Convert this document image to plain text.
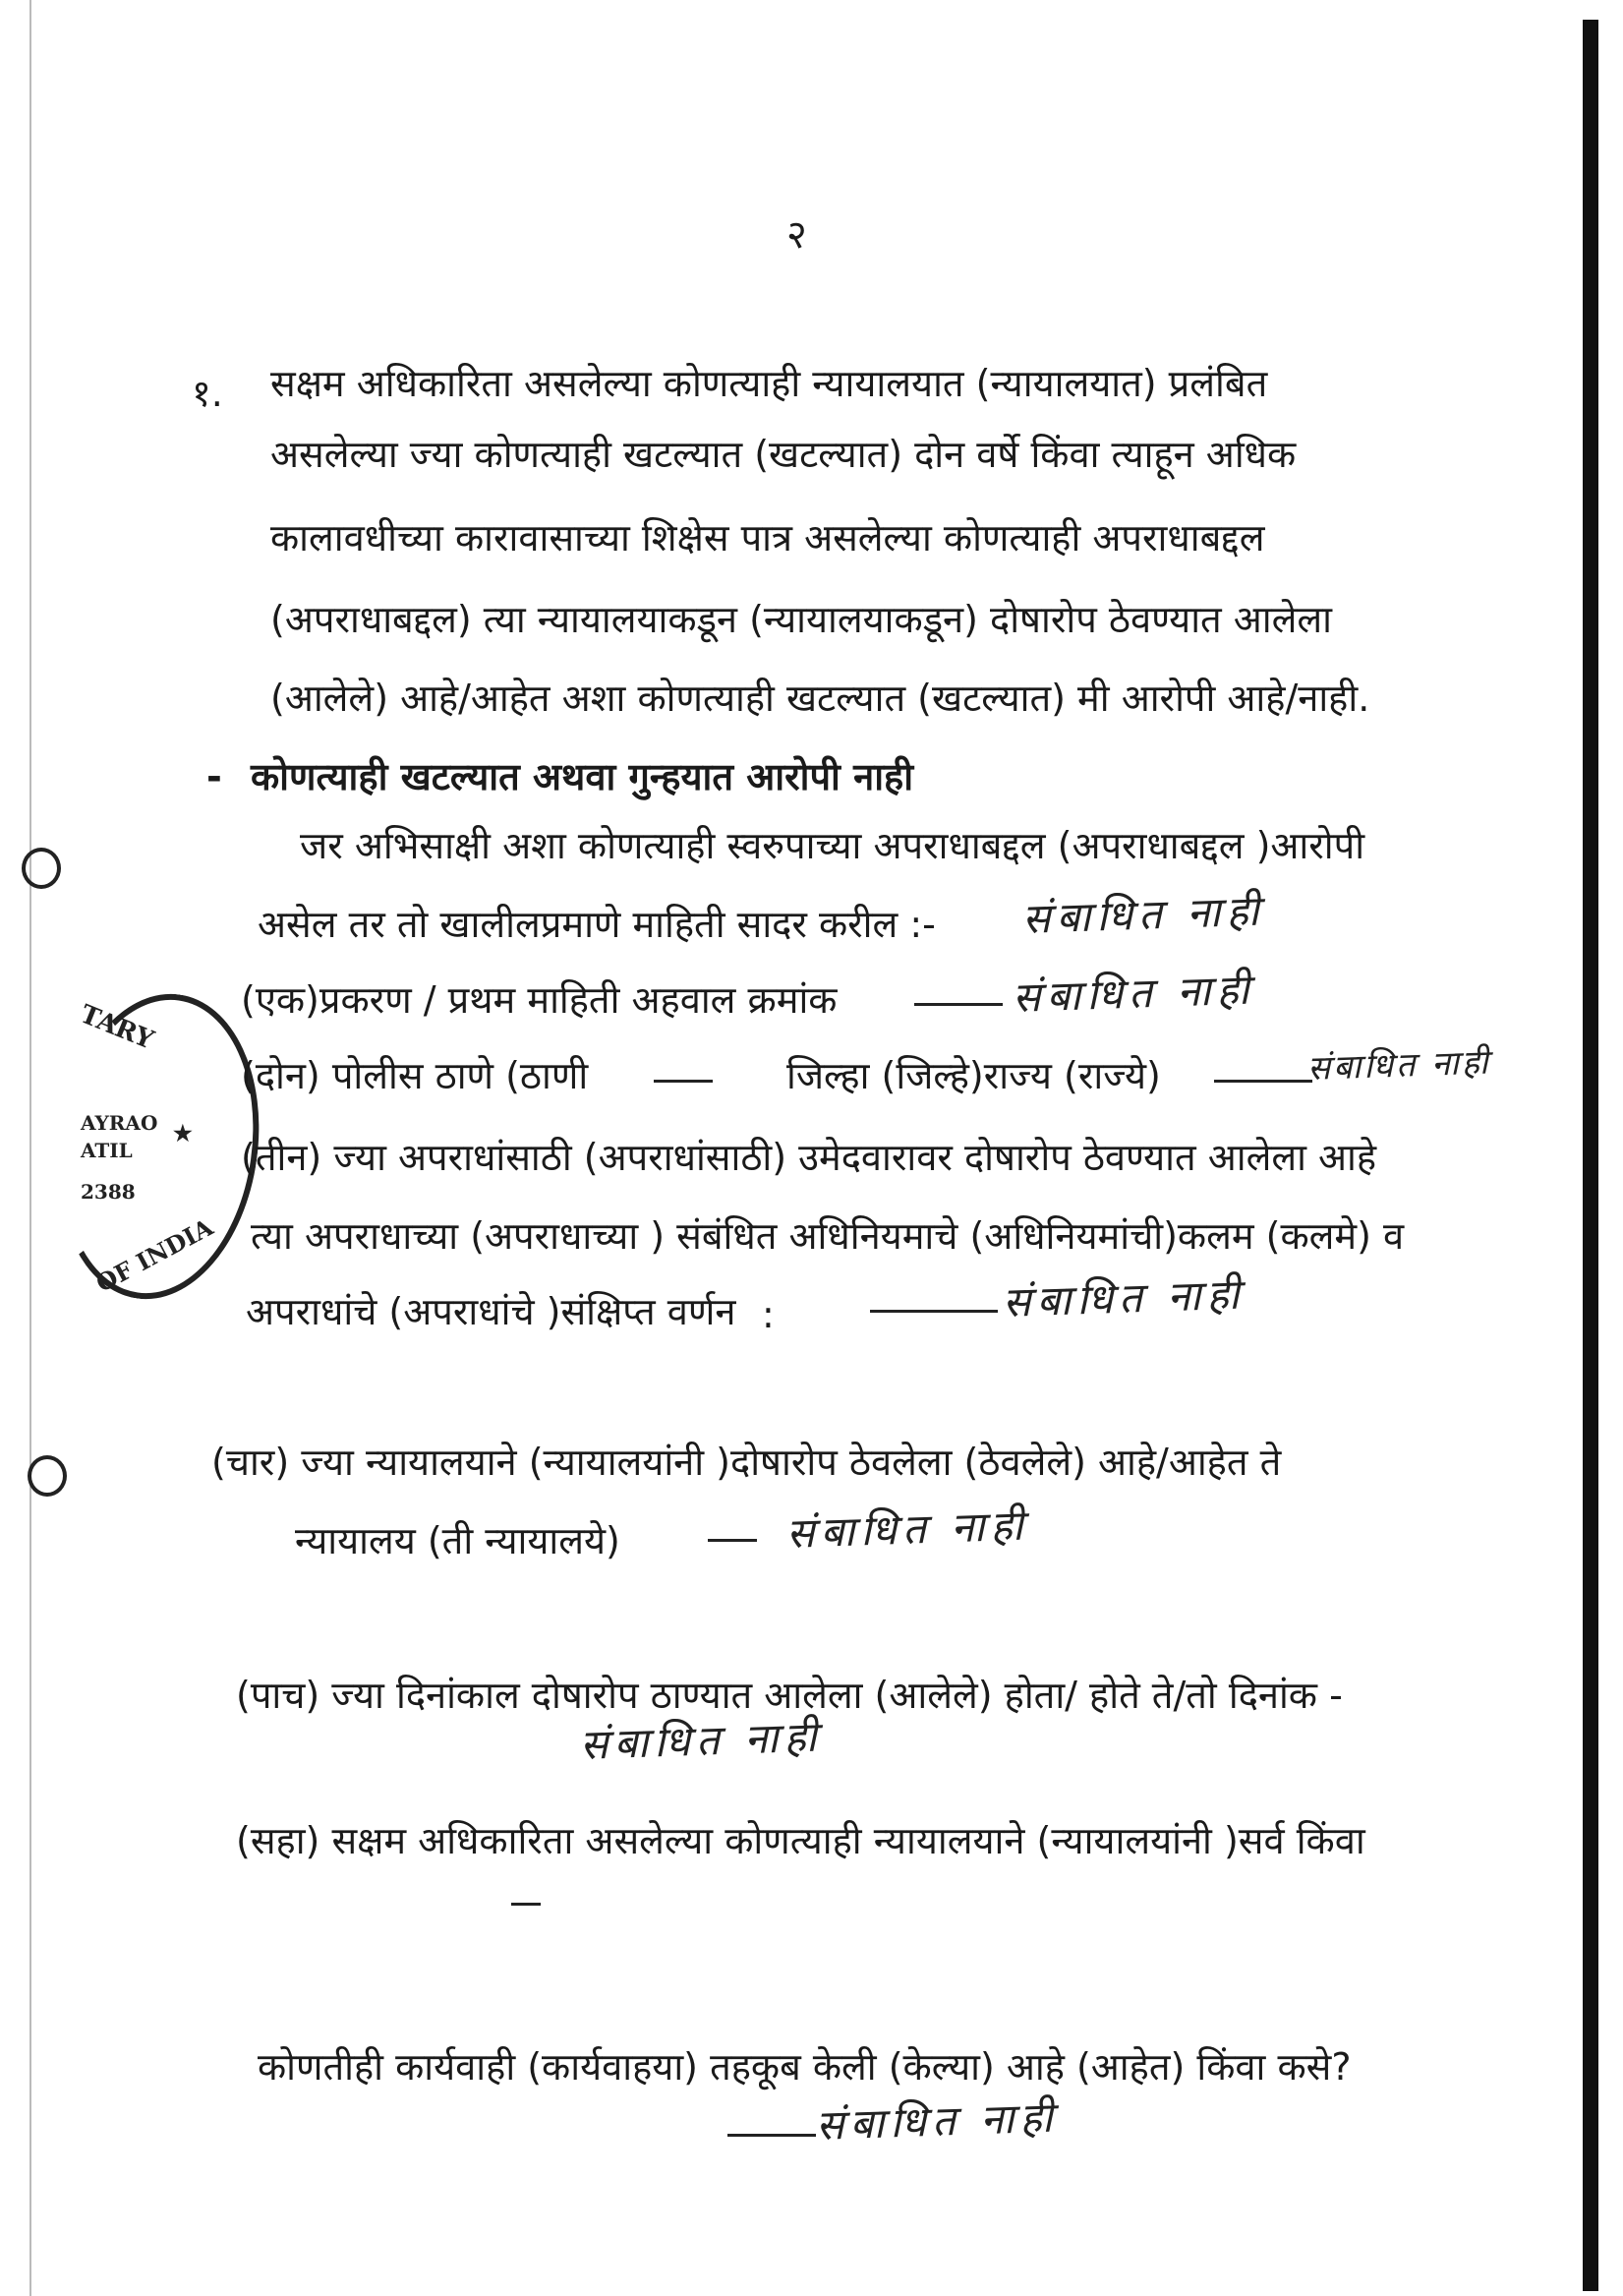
TARY
AYRAO
ATIL
★
2388
OF INDIA
२
१. सक्षम अधिकारिता असलेल्या कोणत्याही न्यायालयात (न्यायालयात) प्रलंबित
असलेल्या ज्या कोणत्याही खटल्यात (खटल्यात) दोन वर्षे किंवा त्याहून अधिक
कालावधीच्या कारावासाच्या शिक्षेस पात्र असलेल्या कोणत्याही अपराधाबद्दल
(अपराधाबद्दल) त्या न्यायालयाकडून (न्यायालयाकडून) दोषारोप ठेवण्यात आलेला
(आलेले) आहे/आहेत अशा कोणत्याही खटल्यात (खटल्यात) मी आरोपी आहे/नाही.
- कोणत्याही खटल्यात अथवा गुन्हयात आरोपी नाही
जर अभिसाक्षी अशा कोणत्याही स्वरुपाच्या अपराधाबद्दल (अपराधाबद्दल )आरोपी
असेल तर तो खालीलप्रमाणे माहिती सादर करील :- संबाधित नाही
(एक)प्रकरण / प्रथम माहिती अहवाल क्रमांक	संबाधित नाही
(दोन) पोलीस ठाणे (ठाणी	जिल्हा (जिल्हे)राज्य (राज्ये)	संबाधित नाही
(तीन) ज्या अपराधांसाठी (अपराधांसाठी) उमेदवारावर दोषारोप ठेवण्यात आलेला आहे
त्या अपराधाच्या (अपराधाच्या ) संबंधित अधिनियमाचे (अधिनियमांची)कलम (कलमे) व
अपराधांचे (अपराधांचे )संक्षिप्त वर्णन :	संबाधित नाही
(चार) ज्या न्यायालयाने (न्यायालयांनी )दोषारोप ठेवलेला (ठेवलेले) आहे/आहेत ते
न्यायालय (ती न्यायालये)	संबाधित नाही
(पाच) ज्या दिनांकाल दोषारोप ठाण्यात आलेला (आलेले) होता/ होते ते/तो दिनांक -
संबाधित नाही
(सहा) सक्षम अधिकारिता असलेल्या कोणत्याही न्यायालयाने (न्यायालयांनी )सर्व किंवा
कोणतीही कार्यवाही (कार्यवाहया) तहकूब केली (केल्या) आहे (आहेत) किंवा कसे?
संबाधित नाही
